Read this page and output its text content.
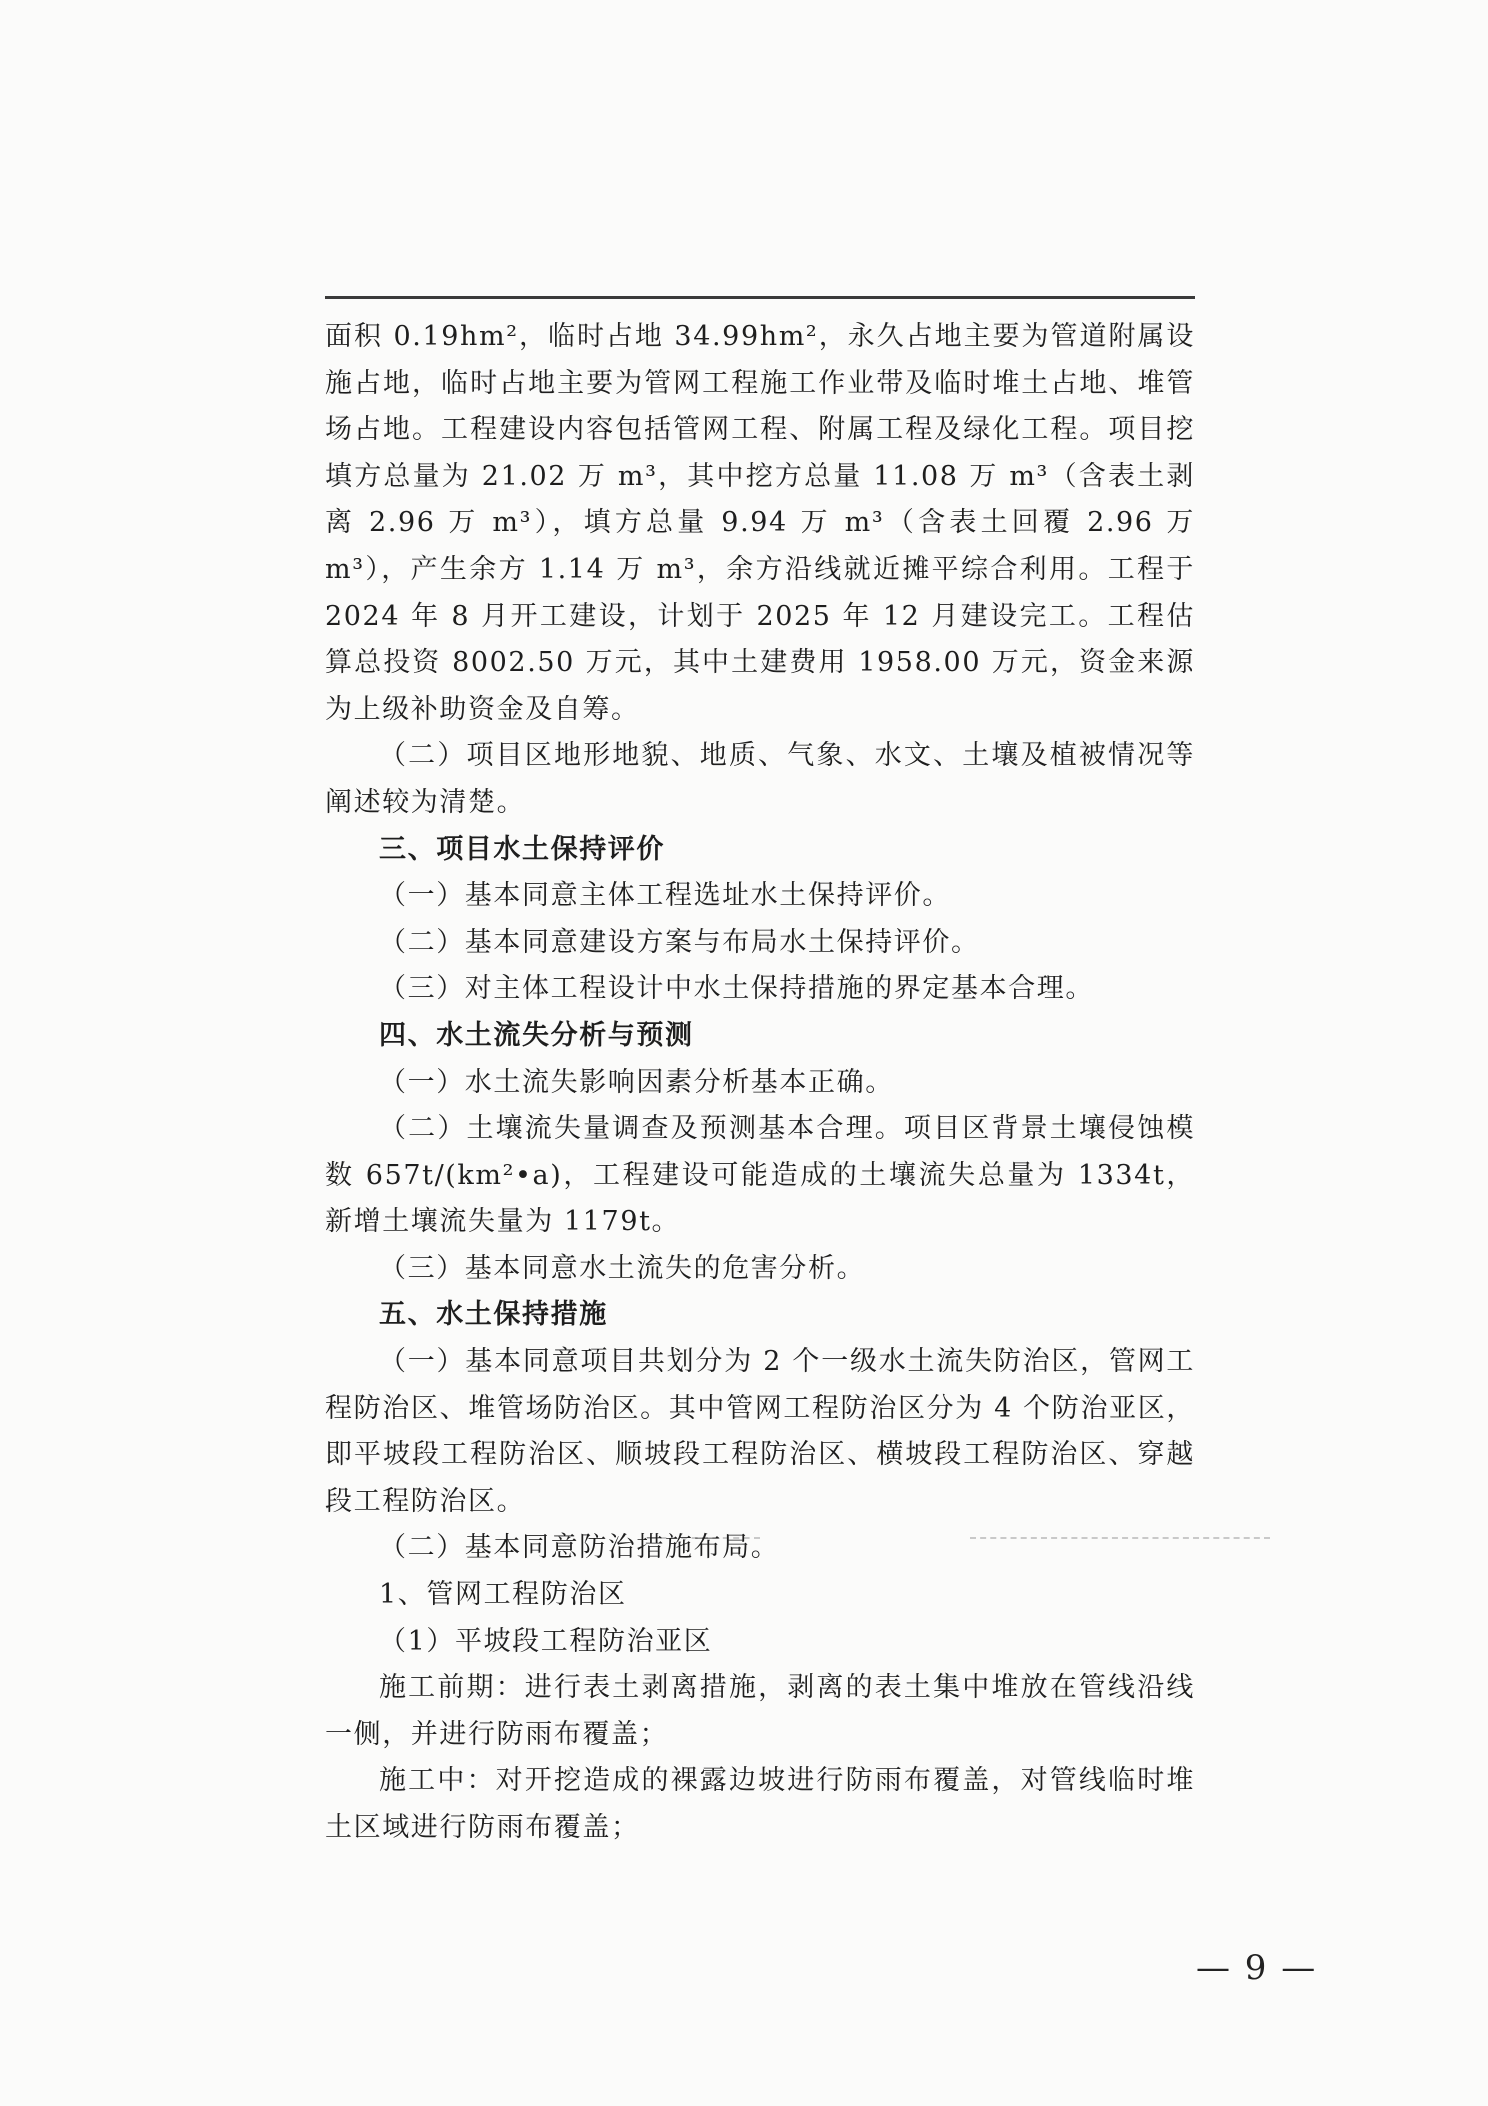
面积 0.19hm²，临时占地 34.99hm²，永久占地主要为管道附属设施占地，临时占地主要为管网工程施工作业带及临时堆土占地、堆管场占地。工程建设内容包括管网工程、附属工程及绿化工程。项目挖填方总量为 21.02 万 m³，其中挖方总量 11.08 万 m³（含表土剥离 2.96 万 m³），填方总量 9.94 万 m³（含表土回覆 2.96 万 m³），产生余方 1.14 万 m³，余方沿线就近摊平综合利用。工程于 2024 年 8 月开工建设，计划于 2025 年 12 月建设完工。工程估算总投资 8002.50 万元，其中土建费用 1958.00 万元，资金来源为上级补助资金及自筹。

（二）项目区地形地貌、地质、气象、水文、土壤及植被情况等阐述较为清楚。

三、项目水土保持评价

（一）基本同意主体工程选址水土保持评价。

（二）基本同意建设方案与布局水土保持评价。

（三）对主体工程设计中水土保持措施的界定基本合理。

四、水土流失分析与预测

（一）水土流失影响因素分析基本正确。

（二）土壤流失量调查及预测基本合理。项目区背景土壤侵蚀模数 657t/(km²•a)，工程建设可能造成的土壤流失总量为 1334t，新增土壤流失量为 1179t。

（三）基本同意水土流失的危害分析。

五、水土保持措施

（一）基本同意项目共划分为 2 个一级水土流失防治区，管网工程防治区、堆管场防治区。其中管网工程防治区分为 4 个防治亚区，即平坡段工程防治区、顺坡段工程防治区、横坡段工程防治区、穿越段工程防治区。

（二）基本同意防治措施布局。

1、管网工程防治区

（1）平坡段工程防治亚区

施工前期：进行表土剥离措施，剥离的表土集中堆放在管线沿线一侧，并进行防雨布覆盖；

施工中：对开挖造成的裸露边坡进行防雨布覆盖，对管线临时堆土区域进行防雨布覆盖；

— 9 —
